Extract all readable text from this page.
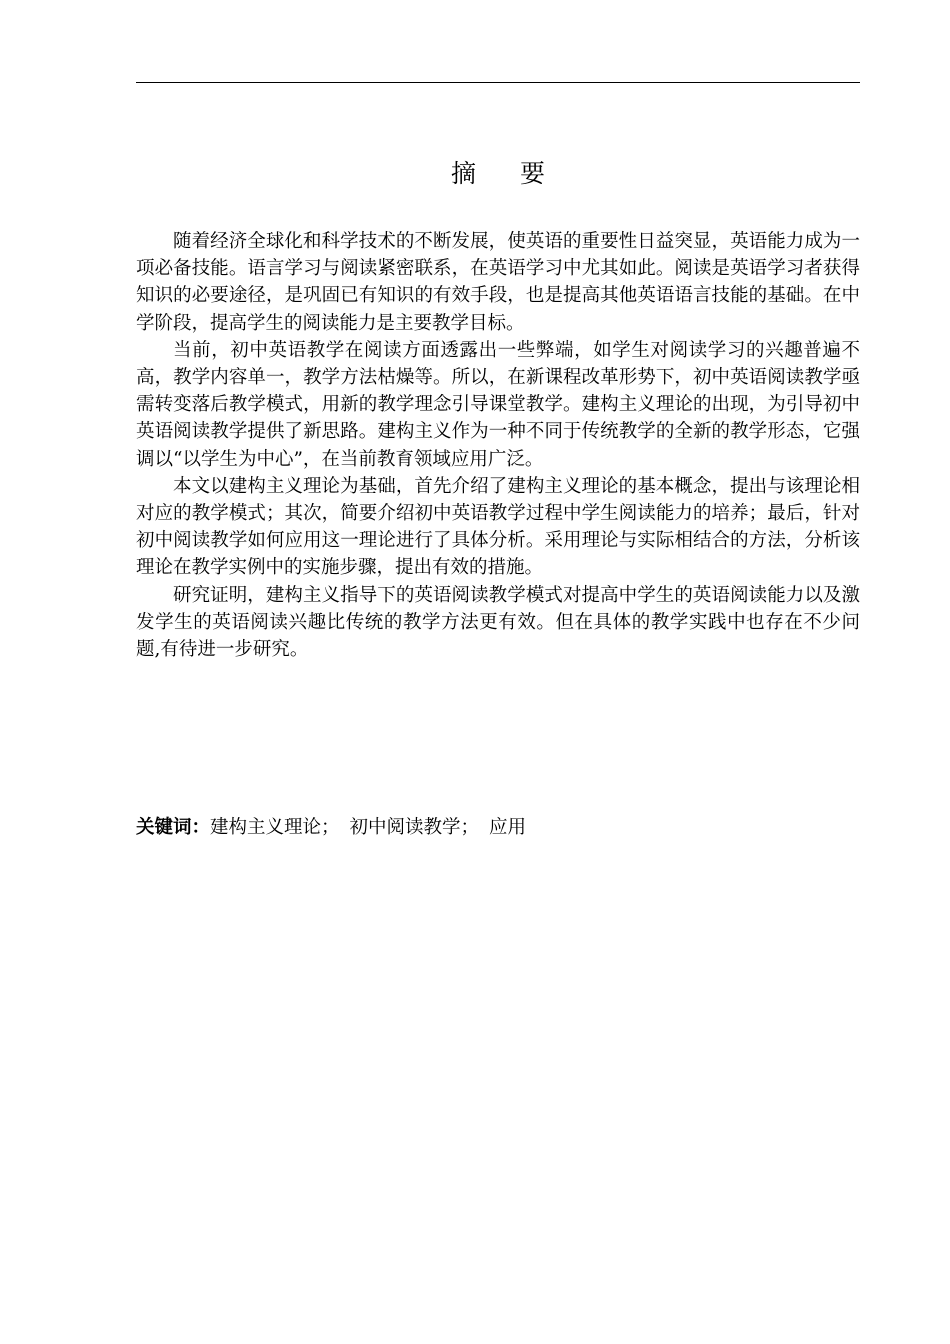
摘 要

随着经济全球化和科学技术的不断发展，使英语的重要性日益突显，英语能力成为一项必备技能。语言学习与阅读紧密联系，在英语学习中尤其如此。阅读是英语学习者获得知识的必要途径，是巩固已有知识的有效手段，也是提高其他英语语言技能的基础。在中学阶段，提高学生的阅读能力是主要教学目标。

当前，初中英语教学在阅读方面透露出一些弊端，如学生对阅读学习的兴趣普遍不高，教学内容单一，教学方法枯燥等。所以，在新课程改革形势下，初中英语阅读教学亟需转变落后教学模式，用新的教学理念引导课堂教学。建构主义理论的出现，为引导初中英语阅读教学提供了新思路。建构主义作为一种不同于传统教学的全新的教学形态，它强调以“以学生为中心”，在当前教育领域应用广泛。

本文以建构主义理论为基础，首先介绍了建构主义理论的基本概念，提出与该理论相对应的教学模式；其次，简要介绍初中英语教学过程中学生阅读能力的培养；最后，针对初中阅读教学如何应用这一理论进行了具体分析。采用理论与实际相结合的方法，分析该理论在教学实例中的实施步骤，提出有效的措施。

研究证明，建构主义指导下的英语阅读教学模式对提高中学生的英语阅读能力以及激发学生的英语阅读兴趣比传统的教学方法更有效。但在具体的教学实践中也存在不少问题,有待进一步研究。

关键词：建构主义理论； 初中阅读教学； 应用
